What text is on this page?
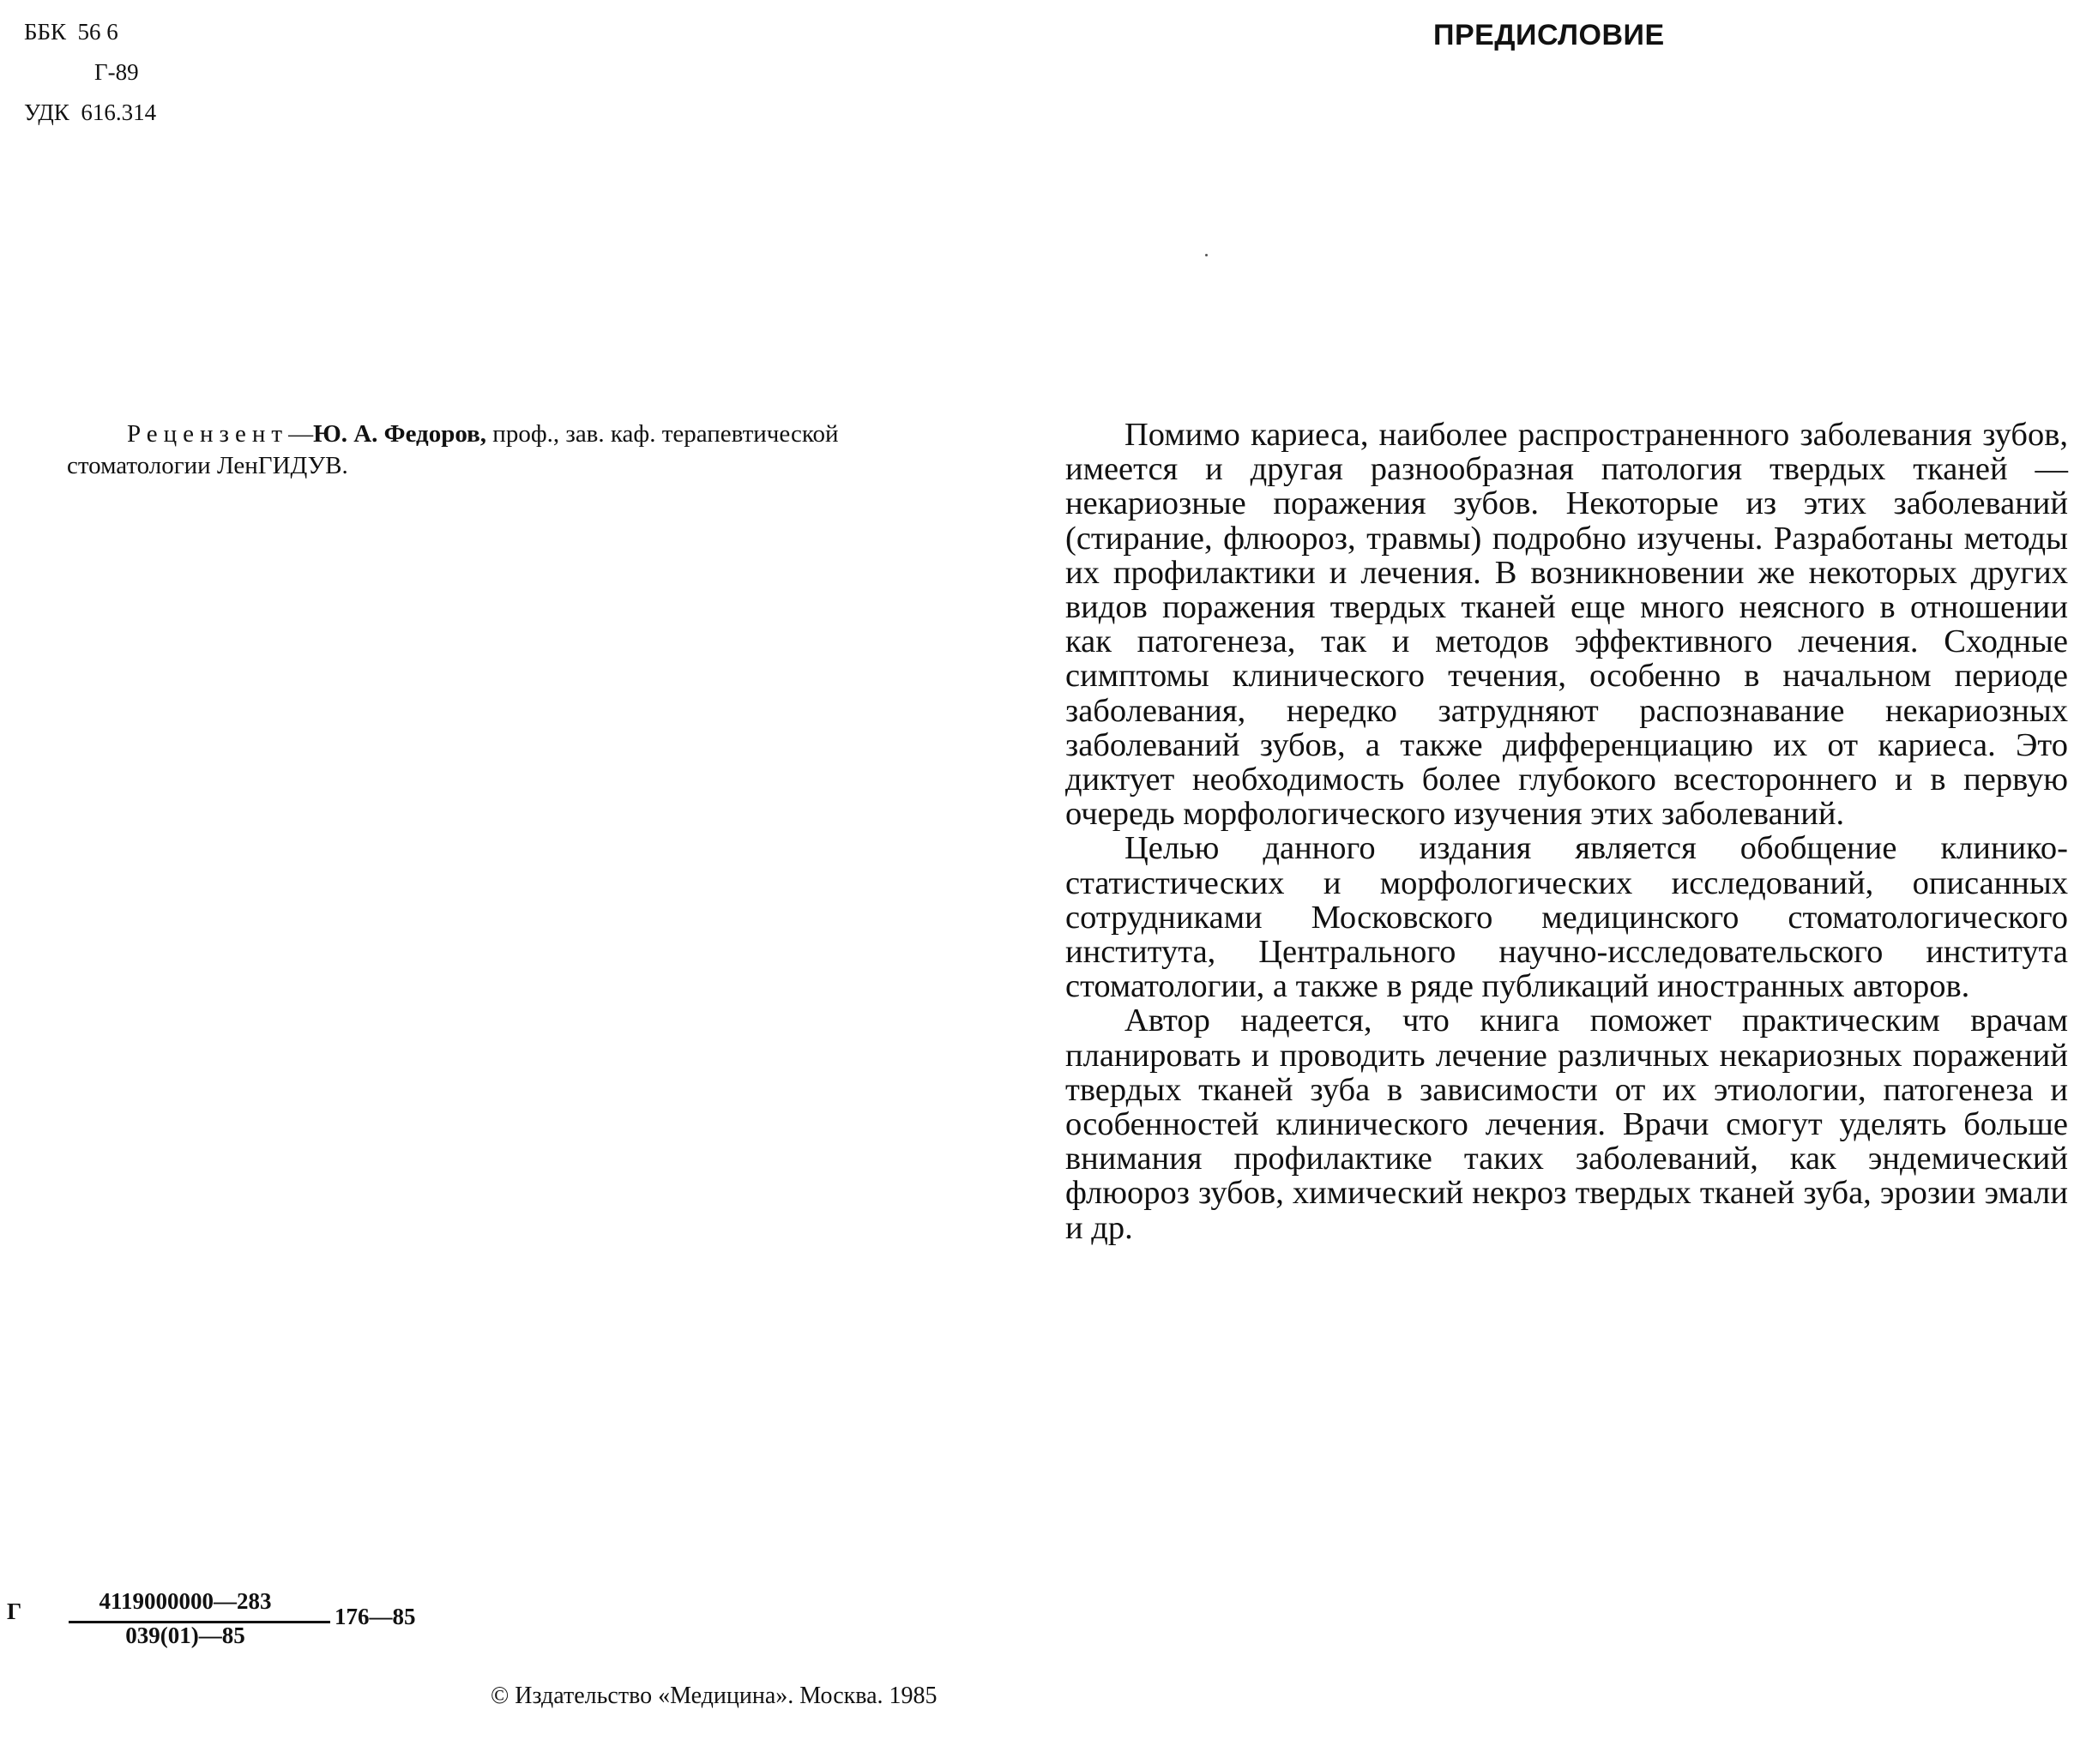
ББК 56 6
Г-89
УДК 616.314
Рецензент—Ю. А. Федоров, проф., зав. каф. терапевтической
стоматологии ЛенГИДУВ.
Г	4119000000—283
039(01)—85
176—85
© Издательство «Медицина». Москва. 1985
ПРЕДИСЛОВИЕ

Помимо кариеса, наиболее распространенного заболевания зубов, имеется и другая разнообразная патология твердых тканей — некариозные поражения зубов. Некоторые из этих заболеваний (стирание, флюороз, травмы) подробно изучены. Разработаны методы их профилактики и лечения. В возникновении же некоторых других видов поражения твердых тканей еще много неясного в отношении как патогенеза, так и методов эффективного лечения. Сходные симптомы клинического течения, особенно в начальном периоде заболевания, нередко затрудняют распознавание некариозных заболеваний зубов, а также дифференциацию их от кариеса. Это диктует необходимость более глубокого всестороннего и в первую очередь морфологического изучения этих заболеваний.

Целью данного издания является обобщение клинико-статистических и морфологических исследований, описанных сотрудниками Московского медицинского стоматологического института, Центрального научно-исследовательского института стоматологии, а также в ряде публикаций иностранных авторов.

Автор надеется, что книга поможет практическим врачам планировать и проводить лечение различных некариозных поражений твердых тканей зуба в зависимости от их этиологии, патогенеза и особенностей клинического лечения. Врачи смогут уделять больше внимания профилактике таких заболеваний, как эндемический флюороз зубов, химический некроз твердых тканей зуба, эрозии эмали и др.
